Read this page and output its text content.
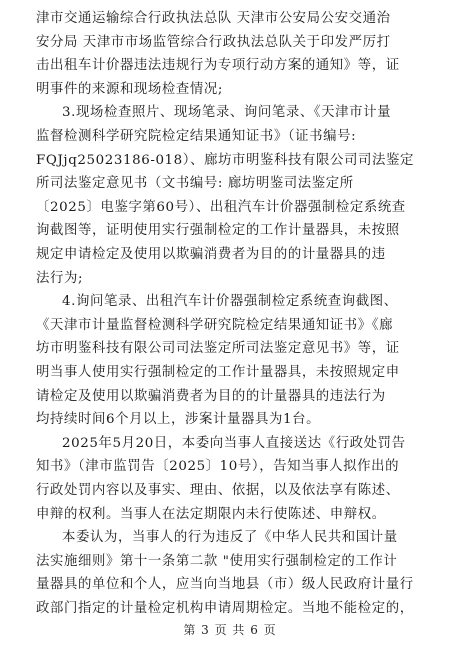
津市交通运输综合行政执法总队 天津市公安局公安交通治
安分局 天津市市场监管综合行政执法总队关于印发严厉打
击出租车计价器违法违规行为专项行动方案的通知》等，证
明事件的来源和现场检查情况;
3.现场检查照片、现场笔录、询问笔录、《天津市计量
监督检测科学研究院检定结果通知证书》（证书编号:
FQJjq25023186-018）、廊坊市明鉴科技有限公司司法鉴定
所司法鉴定意见书（文书编号: 廊坊明鉴司法鉴定所
〔2025〕电鉴字第60号）、出租汽车计价器强制检定系统查
询截图等，证明使用实行强制检定的工作计量器具，未按照
规定申请检定及使用以欺骗消费者为目的的计量器具的违
法行为;
4.询问笔录、出租汽车计价器强制检定系统查询截图、
《天津市计量监督检测科学研究院检定结果通知证书》《廊
坊市明鉴科技有限公司司法鉴定所司法鉴定意见书》等，证
明当事人使用实行强制检定的工作计量器具，未按照规定申
请检定及使用以欺骗消费者为目的的计量器具的违法行为
均持续时间6个月以上，涉案计量器具为1台。
2025年5月20日，本委向当事人直接送达《行政处罚告
知书》（津市监罚告〔2025〕10号），告知当事人拟作出的
行政处罚内容以及事实、理由、依据，以及依法享有陈述、
申辩的权利。当事人在法定期限内未行使陈述、申辩权。
本委认为，当事人的行为违反了《中华人民共和国计量
法实施细则》第十一条第二款 "使用实行强制检定的工作计
量器具的单位和个人，应当向当地县（市）级人民政府计量行
政部门指定的计量检定机构申请周期检定。当地不能检定的，
第 3 页 共 6 页
